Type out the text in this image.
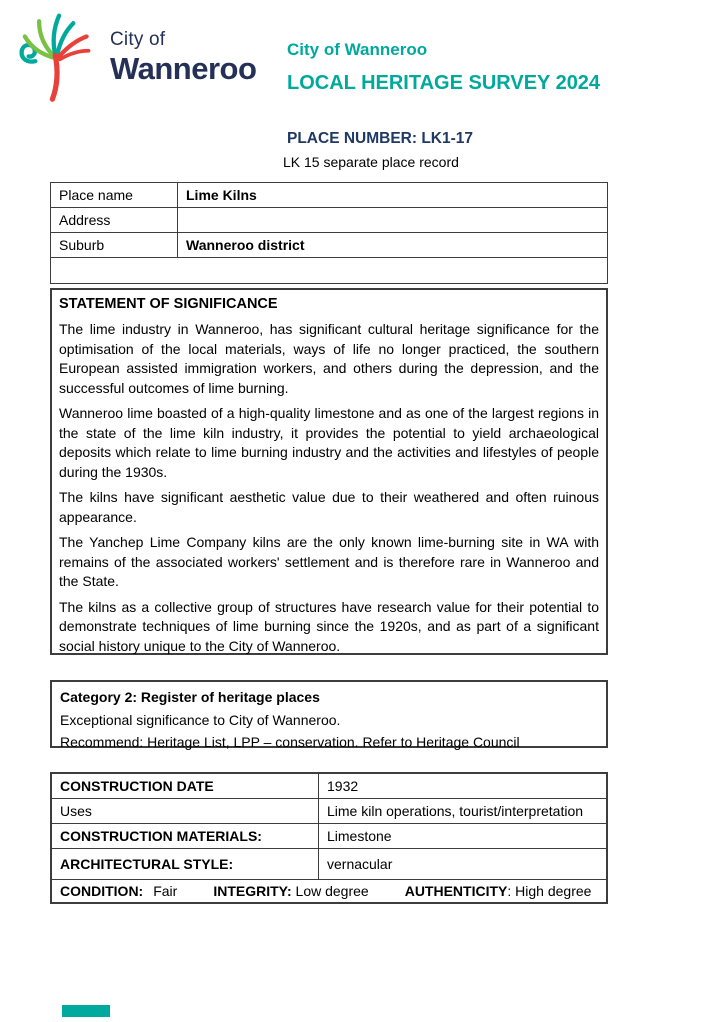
City of
Wanneroo
City of Wanneroo
LOCAL HERITAGE SURVEY 2024
PLACE NUMBER: LK1-17
LK 15 separate place record
Place name	Lime Kilns
Address	
Suburb	Wanneroo district

STATEMENT OF SIGNIFICANCE

The lime industry in Wanneroo, has significant cultural heritage significance for the optimisation of the local materials, ways of life no longer practiced, the southern European assisted immigration workers, and others during the depression, and the successful outcomes of lime burning.

Wanneroo lime boasted of a high-quality limestone and as one of the largest regions in the state of the lime kiln industry, it provides the potential to yield archaeological deposits which relate to lime burning industry and the activities and lifestyles of people during the 1930s.

The kilns have significant aesthetic value due to their weathered and often ruinous appearance.

The Yanchep Lime Company kilns are the only known lime-burning site in WA with remains of the associated workers' settlement and is therefore rare in Wanneroo and the State.

The kilns as a collective group of structures have research value for their potential to demonstrate techniques of lime burning since the 1920s, and as part of a significant social history unique to the City of Wanneroo.

Category 2: Register of heritage places
Exceptional significance to City of Wanneroo.
Recommend: Heritage List, LPP – conservation. Refer to Heritage Council
CONSTRUCTION DATE	1932
Uses	Lime kiln operations, tourist/interpretation
CONSTRUCTION MATERIALS:	Limestone
ARCHITECTURAL STYLE:	vernacular
CONDITION: Fair INTEGRITY: Low degree AUTHENTICITY: High degree	
